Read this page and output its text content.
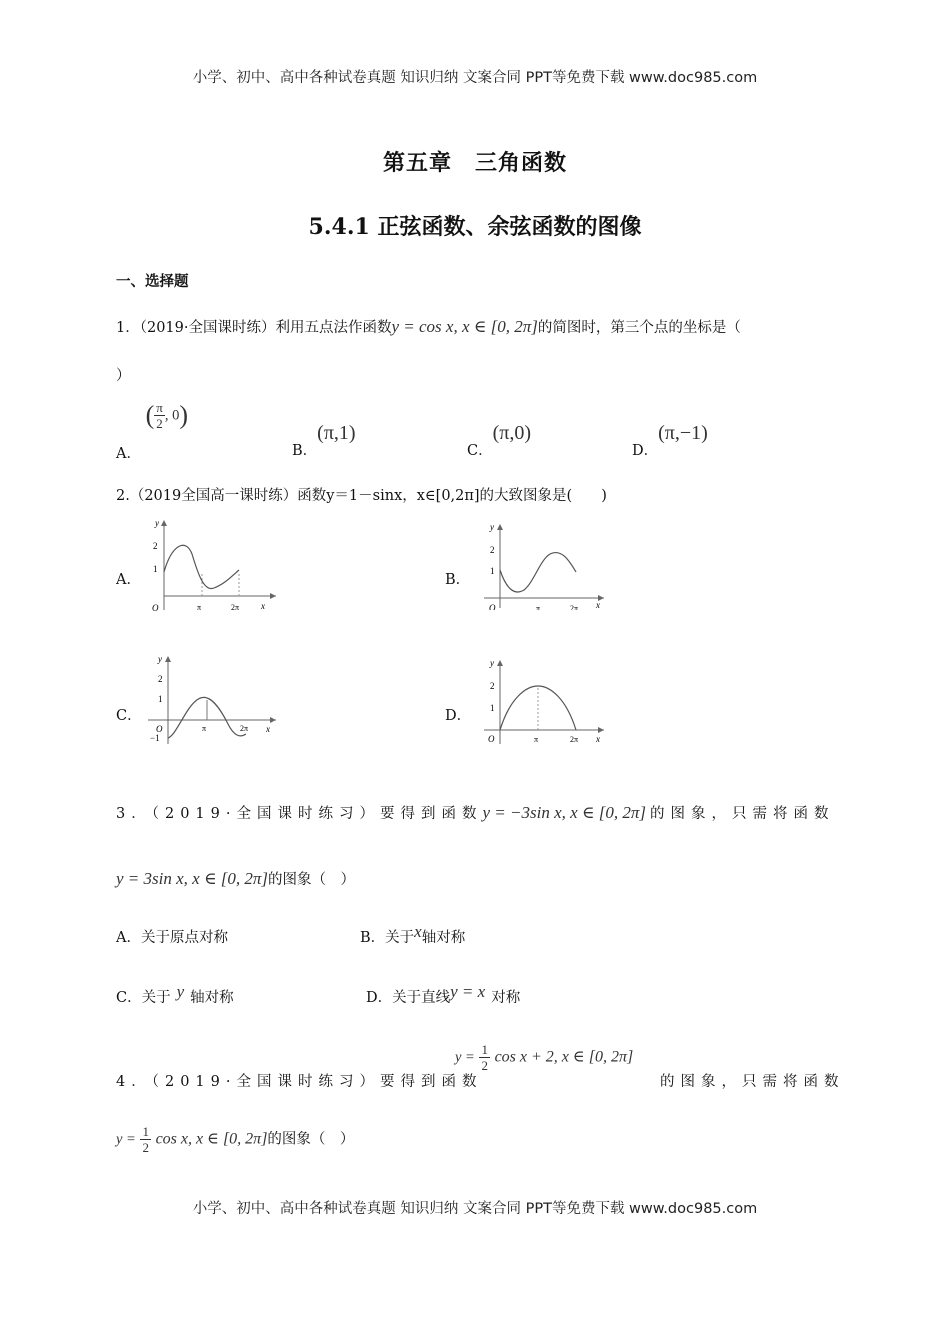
小学、初中、高中各种试卷真题 知识归纳 文案合同 PPT等免费下载 www.doc985.com
第五章　三角函数
5.4.1 正弦函数、余弦函数的图像
一、选择题
1．（2019·全国课时练）利用五点法作函数y = cos x, x ∈ [0, 2π]的简图时，第三个点的坐标是（
）
A． ( $\frac{\pi}{2}$ , 0)
B．(π,1)
C．(π,0)
D．(π,−1)
2.（2019全国高一课时练）函数y＝1－sinx，x∈[0,2π]的大致图象是(　　)
A．	B．
C．	D．
y
x
O
2
1
π	2π
y
x
O
2
1
π	2π
y
x
O
2
1
−1
π	2π
y
x
O
2
1
π	2π
3．（2019·全国课时练习）要得到函数y = −3sin x, x ∈ [0, 2π] 的图象，只需将函数
y = 3sin x, x ∈ [0, 2π]的图象（　）
A．关于原点对称	B．关于x轴对称
C．关于 y 轴对称	D．关于直线y = x 对称
4．（2019·全国课时练习）要得到函数
$y = \frac{1}{2}$ cos x + 2, x ∈ [0, 2π]
的图象，只需将函数
$y = \frac{1}{2}$ cos x, x ∈ [0, 2π]的图象（　）
小学、初中、高中各种试卷真题 知识归纳 文案合同 PPT等免费下载 www.doc985.com
